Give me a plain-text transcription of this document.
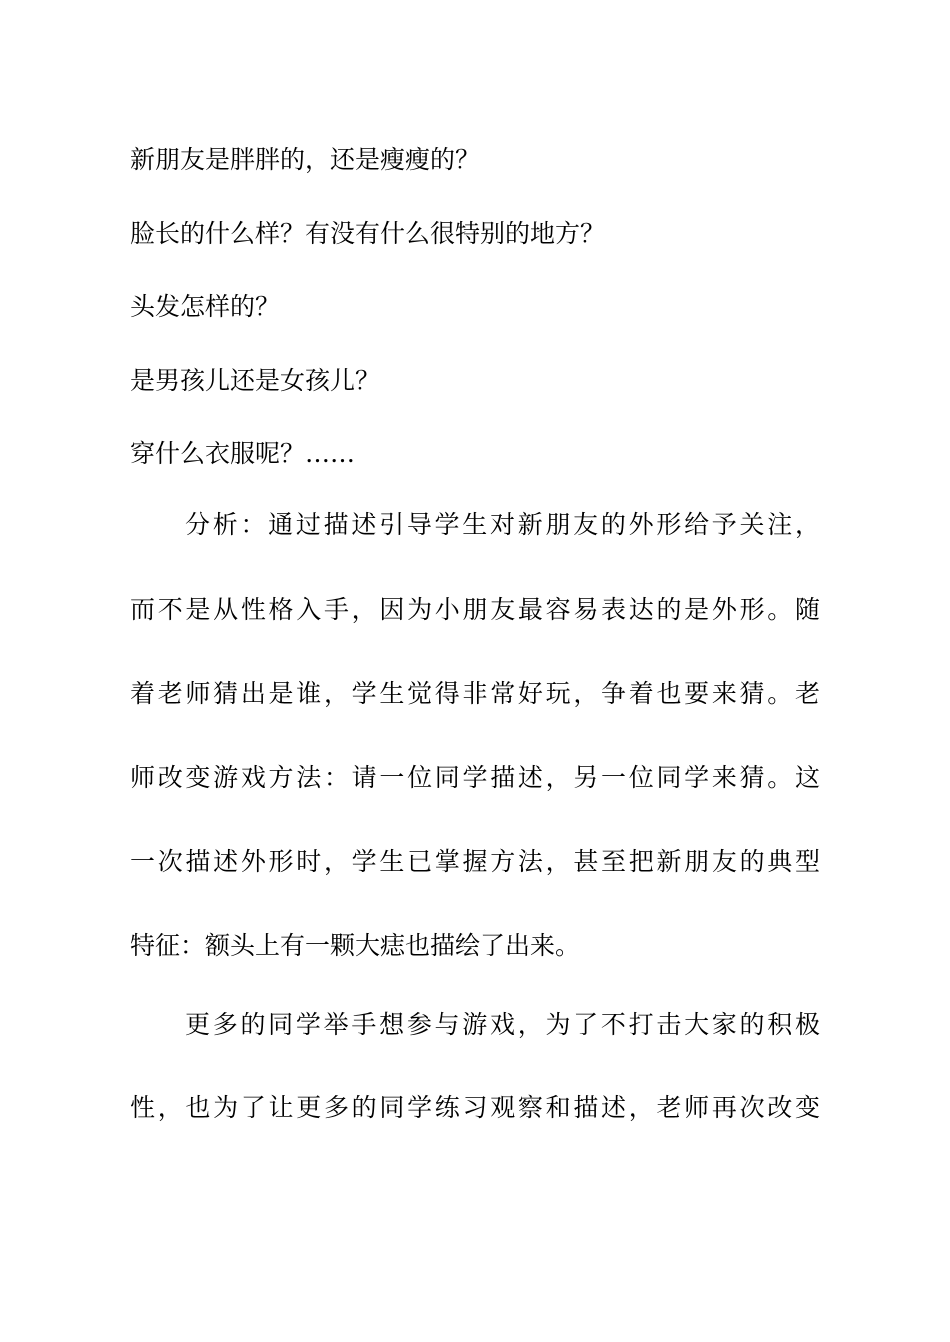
新朋友是胖胖的，还是瘦瘦的？
脸长的什么样？有没有什么很特别的地方？
头发怎样的？
是男孩儿还是女孩儿？
穿什么衣服呢？……
分析：通过描述引导学生对新朋友的外形给予关注，
而不是从性格入手，因为小朋友最容易表达的是外形。随
着老师猜出是谁，学生觉得非常好玩，争着也要来猜。老
师改变游戏方法：请一位同学描述，另一位同学来猜。这
一次描述外形时，学生已掌握方法，甚至把新朋友的典型
特征：额头上有一颗大痣也描绘了出来。
更多的同学举手想参与游戏，为了不打击大家的积极
性，也为了让更多的同学练习观察和描述，老师再次改变
